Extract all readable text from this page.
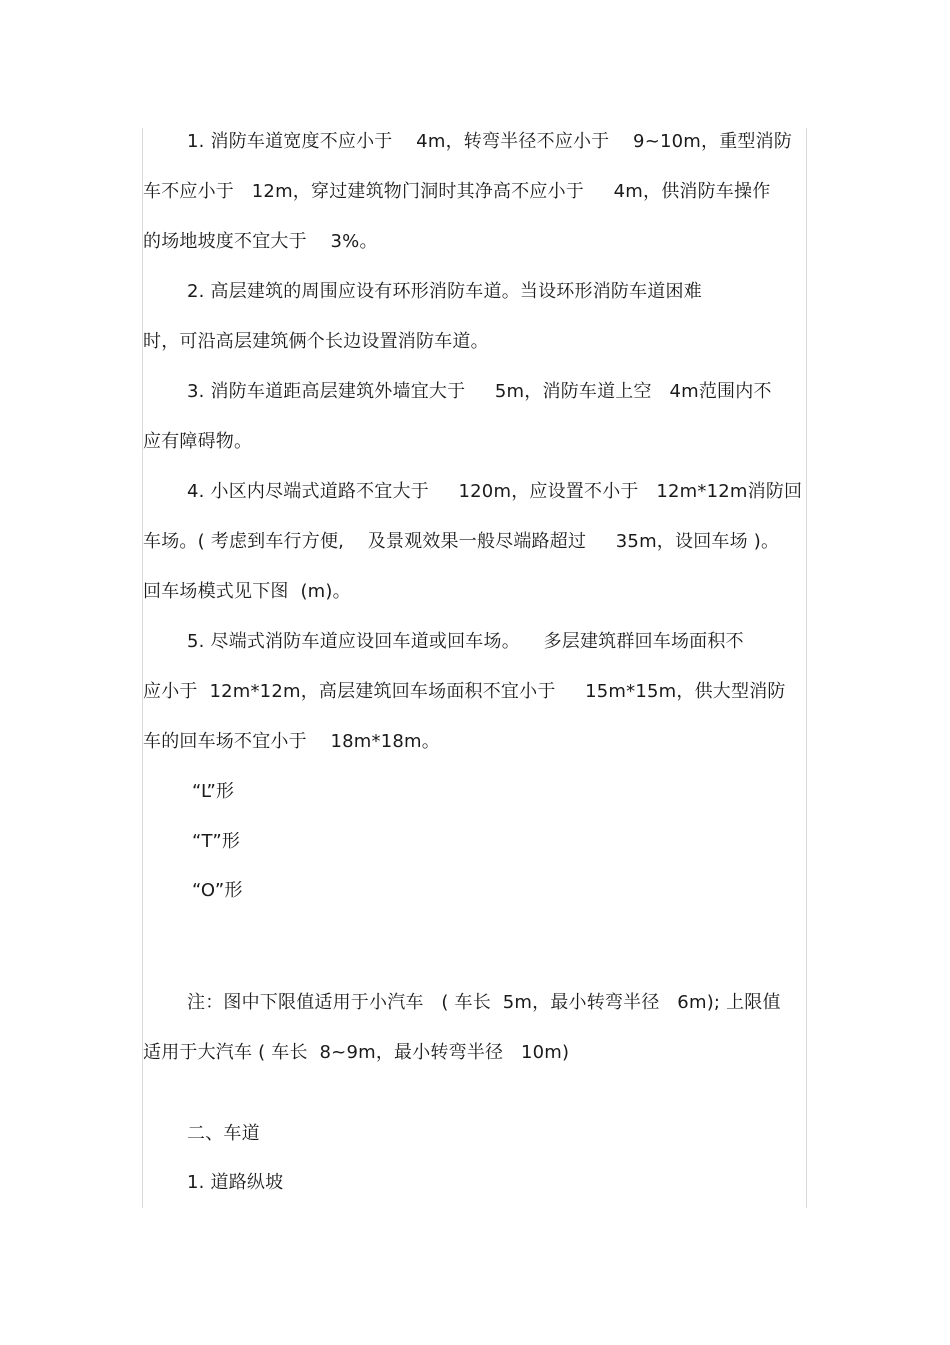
1. 消防车道宽度不应小于    4m，转弯半径不应小于    9~10m，重型消防
车不应小于   12m，穿过建筑物门洞时其净高不应小于     4m，供消防车操作
的场地坡度不宜大于    3%。
2. 高层建筑的周围应设有环形消防车道。当设环形消防车道困难
时，可沿高层建筑俩个长边设置消防车道。
3. 消防车道距高层建筑外墙宜大于     5m，消防车道上空   4m范围内不
应有障碍物。
4. 小区内尽端式道路不宜大于     120m，应设置不小于   12m*12m消防回
车场。( 考虑到车行方便,    及景观效果一般尽端路超过     35m，设回车场 )。
回车场模式见下图  (m)。
5. 尽端式消防车道应设回车道或回车场。    多层建筑群回车场面积不
应小于  12m*12m，高层建筑回车场面积不宜小于     15m*15m，供大型消防
车的回车场不宜小于    18m*18m。
“L”形
“T”形
“O”形
注：图中下限值适用于小汽车   ( 车长  5m，最小转弯半径   6m); 上限值
适用于大汽车 ( 车长  8~9m，最小转弯半径   10m)
二、车道
1. 道路纵坡
